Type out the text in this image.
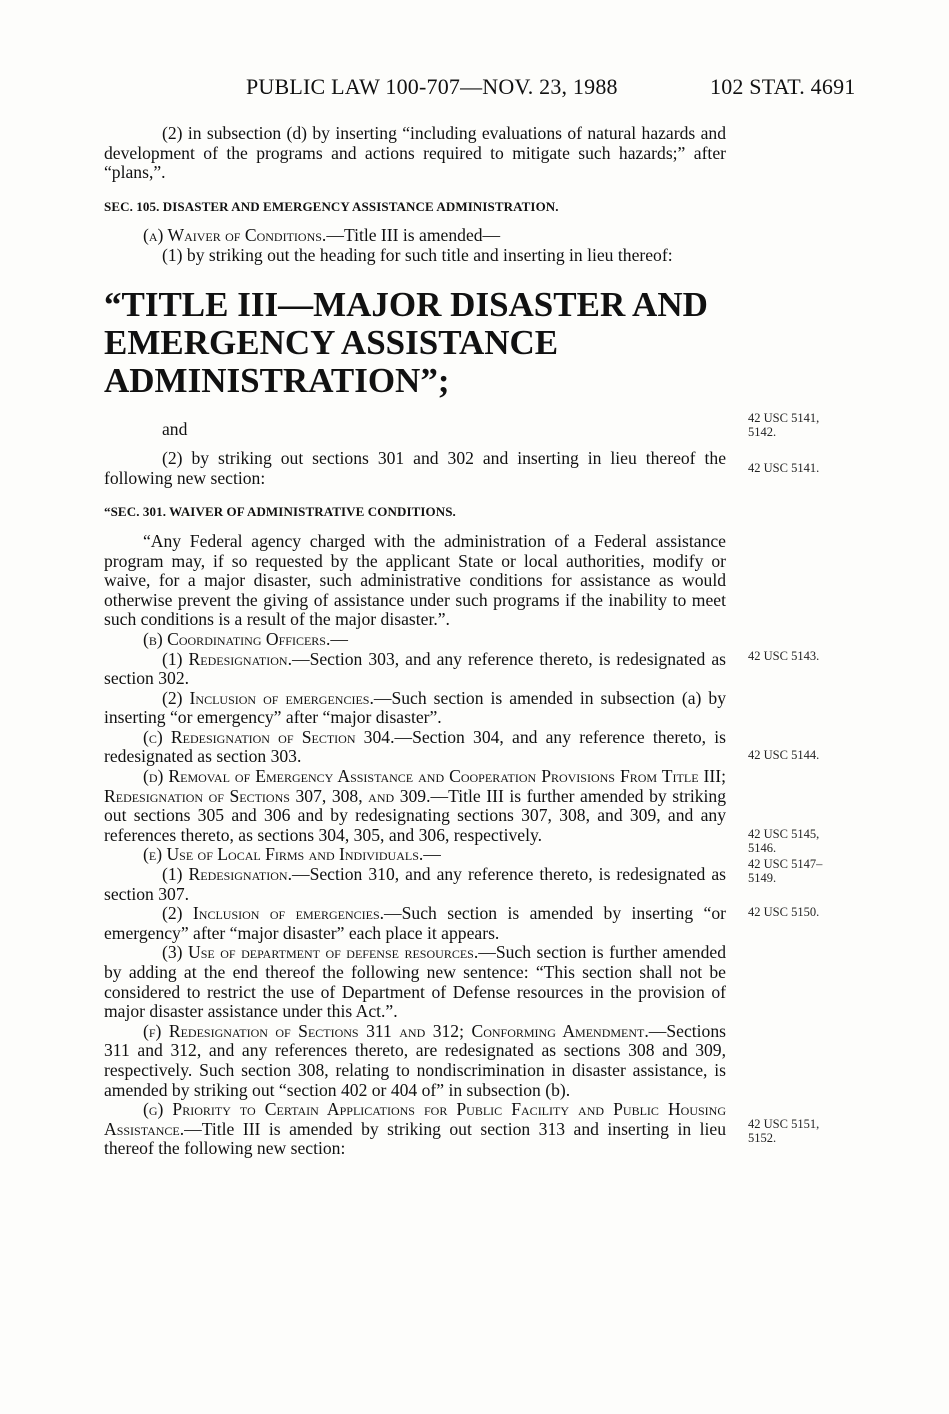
PUBLIC LAW 100-707—NOV. 23, 1988	102 STAT. 4691

(2) in subsection (d) by inserting “including evaluations of natural hazards and development of the programs and actions required to mitigate such hazards;” after “plans,”.

SEC. 105. DISASTER AND EMERGENCY ASSISTANCE ADMINISTRATION.

(a) Waiver of Conditions.—Title III is amended—

(1) by striking out the heading for such title and inserting in lieu thereof:

“TITLE III—MAJOR DISASTER AND EMERGENCY ASSISTANCE ADMINISTRATION”;

and

(2) by striking out sections 301 and 302 and inserting in lieu thereof the following new section:

“SEC. 301. WAIVER OF ADMINISTRATIVE CONDITIONS.

“Any Federal agency charged with the administration of a Federal assistance program may, if so requested by the applicant State or local authorities, modify or waive, for a major disaster, such administrative conditions for assistance as would otherwise prevent the giving of assistance under such programs if the inability to meet such conditions is a result of the major disaster.”.

(b) Coordinating Officers.—

(1) Redesignation.—Section 303, and any reference thereto, is redesignated as section 302.

(2) Inclusion of emergencies.—Such section is amended in subsection (a) by inserting “or emergency” after “major disaster”.

(c) Redesignation of Section 304.—Section 304, and any reference thereto, is redesignated as section 303.

(d) Removal of Emergency Assistance and Cooperation Provisions From Title III; Redesignation of Sections 307, 308, and 309.—Title III is further amended by striking out sections 305 and 306 and by redesignating sections 307, 308, and 309, and any references thereto, as sections 304, 305, and 306, respectively.

(e) Use of Local Firms and Individuals.—

(1) Redesignation.—Section 310, and any reference thereto, is redesignated as section 307.

(2) Inclusion of emergencies.—Such section is amended by inserting “or emergency” after “major disaster” each place it appears.

(3) Use of department of defense resources.—Such section is further amended by adding at the end thereof the following new sentence: “This section shall not be considered to restrict the use of Department of Defense resources in the provision of major disaster assistance under this Act.”.

(f) Redesignation of Sections 311 and 312; Conforming Amendment.—Sections 311 and 312, and any references thereto, are redesignated as sections 308 and 309, respectively. Such section 308, relating to nondiscrimination in disaster assistance, is amended by striking out “section 402 or 404 of” in subsection (b).

(g) Priority to Certain Applications for Public Facility and Public Housing Assistance.—Title III is amended by striking out section 313 and inserting in lieu thereof the following new section:

42 USC 5141,
5142.
42 USC 5141.
42 USC 5143.
42 USC 5144.
42 USC 5145,
5146.
42 USC 5147–
5149.
42 USC 5150.
42 USC 5151,
5152.
